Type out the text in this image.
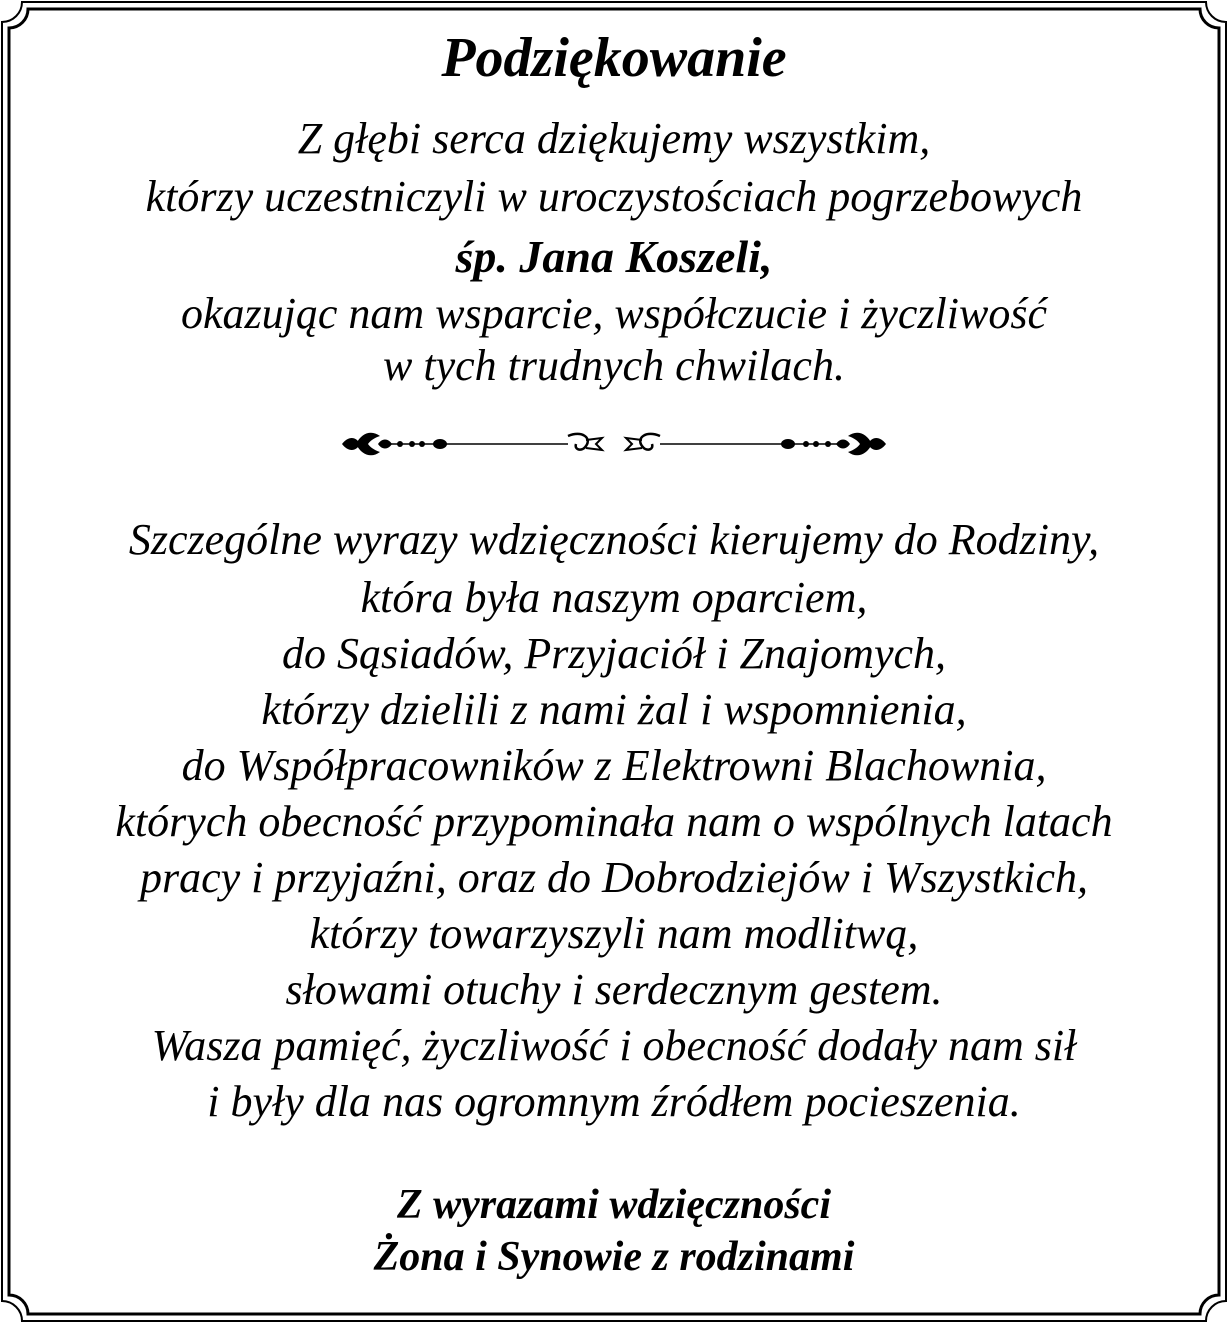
Podziękowanie
Z głębi serca dziękujemy wszystkim,
którzy uczestniczyli w uroczystościach pogrzebowych
śp. Jana Koszeli,
okazując nam wsparcie, współczucie i życzliwość
w tych trudnych chwilach.
Szczególne wyrazy wdzięczności kierujemy do Rodziny,
która była naszym oparciem,
do Sąsiadów, Przyjaciół i Znajomych,
którzy dzielili z nami żal i wspomnienia,
do Współpracowników z Elektrowni Blachownia,
których obecność przypominała nam o wspólnych latach
pracy i przyjaźni, oraz do Dobrodziejów i Wszystkich,
którzy towarzyszyli nam modlitwą,
słowami otuchy i serdecznym gestem.
Wasza pamięć, życzliwość i obecność dodały nam sił
i były dla nas ogromnym źródłem pocieszenia.
Z wyrazami wdzięczności
Żona i Synowie z rodzinami
